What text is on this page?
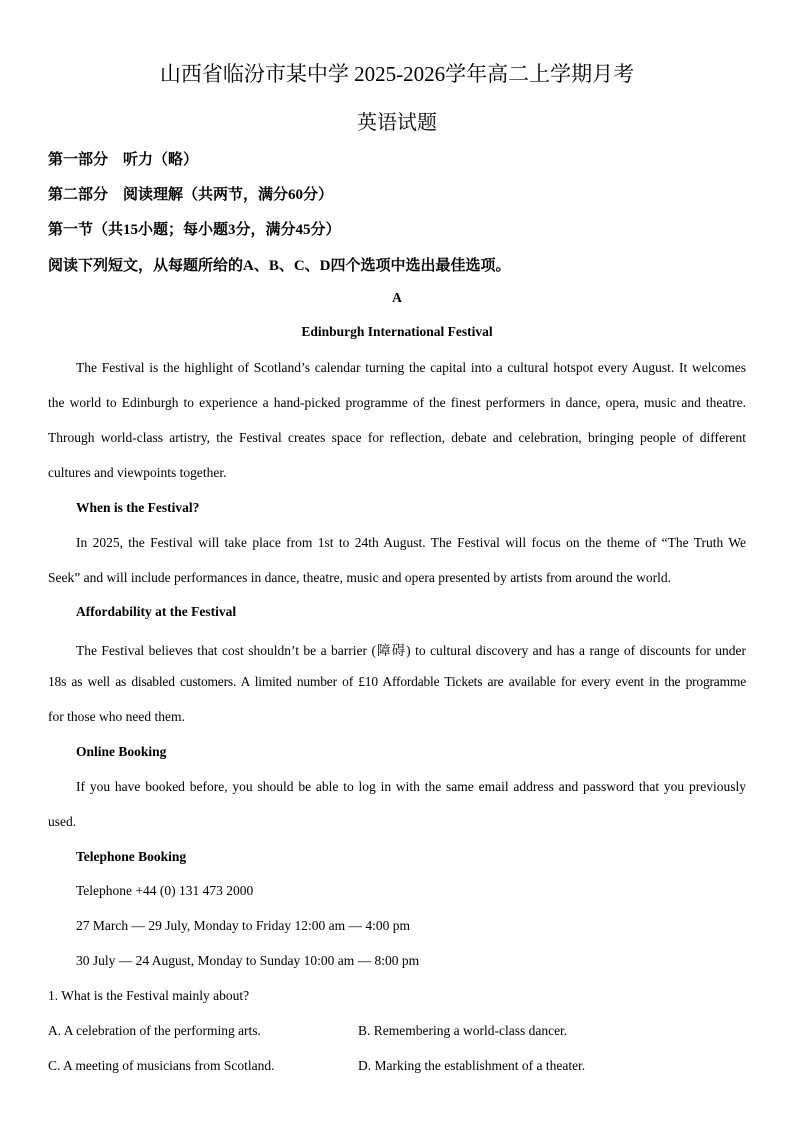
山西省临汾市某中学 2025-2026学年高二上学期月考
英语试题
第一部分　听力（略）
第二部分　阅读理解（共两节，满分60分）
第一节（共15小题；每小题3分，满分45分）
阅读下列短文，从每题所给的A、B、C、D四个选项中选出最佳选项。
A
Edinburgh International Festival
The Festival is the highlight of Scotland’s calendar turning the capital into a cultural hotspot every August. It welcomes
the world to Edinburgh to experience a hand-picked programme of the finest performers in dance, opera, music and theatre.
Through world-class artistry, the Festival creates space for reflection, debate and celebration, bringing people of different
cultures and viewpoints together.
When is the Festival?
In 2025, the Festival will take place from 1st to 24th August. The Festival will focus on the theme of “The Truth We
Seek” and will include performances in dance, theatre, music and opera presented by artists from around the world.
Affordability at the Festival
The Festival believes that cost shouldn’t be a barrier (障碍) to cultural discovery and has a range of discounts for under
18s as well as disabled customers. A limited number of £10 Affordable Tickets are available for every event in the programme
for those who need them.
Online Booking
If you have booked before, you should be able to log in with the same email address and password that you previously
used.
Telephone Booking
Telephone +44 (0) 131 473 2000
27 March — 29 July, Monday to Friday 12:00 am — 4:00 pm
30 July — 24 August, Monday to Sunday 10:00 am — 8:00 pm
1. What is the Festival mainly about?
A. A celebration of the performing arts.	B. Remembering a world-class dancer.
C. A meeting of musicians from Scotland.	D. Marking the establishment of a theater.
